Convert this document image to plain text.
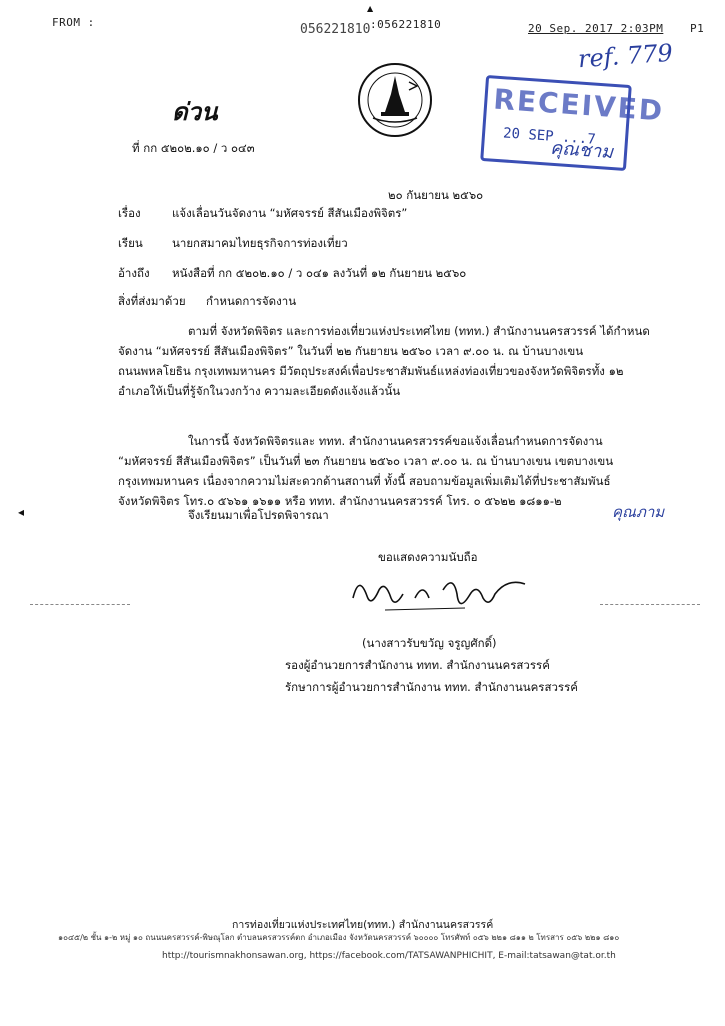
FROM :	056221810 :056221810	20 Sep. 2017 2:03PM P1
▲
ref. 779
RECEIVED
20 SEP ...7
คุณชาม
ด่วน
ที่ กก ๕๒๐๒.๑๐ / ว ๐๔๓
๒๐ กันยายน ๒๕๖๐
เรื่อง	แจ้งเลื่อนวันจัดงาน “มหัศจรรย์ สีสันเมืองพิจิตร”
เรียน	นายกสมาคมไทยธุรกิจการท่องเที่ยว
อ้างถึง หนังสือที่ กก ๕๒๐๒.๑๐ / ว ๐๔๑ ลงวันที่ ๑๒ กันยายน ๒๕๖๐
สิ่งที่ส่งมาด้วย กำหนดการจัดงาน
ตามที่ จังหวัดพิจิตร และการท่องเที่ยวแห่งประเทศไทย (ททท.) สำนักงานนครสวรรค์ ได้กำหนด
จัดงาน “มหัศจรรย์ สีสันเมืองพิจิตร” ในวันที่ ๒๒ กันยายน ๒๕๖๐ เวลา ๙.๐๐ น. ณ บ้านบางเขน
ถนนพหลโยธิน กรุงเทพมหานคร มีวัตถุประสงค์เพื่อประชาสัมพันธ์แหล่งท่องเที่ยวของจังหวัดพิจิตรทั้ง ๑๒
อำเภอให้เป็นที่รู้จักในวงกว้าง ความละเอียดดังแจ้งแล้วนั้น
ในการนี้ จังหวัดพิจิตรและ ททท. สำนักงานนครสวรรค์ขอแจ้งเลื่อนกำหนดการจัดงาน
“มหัศจรรย์ สีสันเมืองพิจิตร” เป็นวันที่ ๒๓ กันยายน ๒๕๖๐ เวลา ๙.๐๐ น. ณ บ้านบางเขน เขตบางเขน
กรุงเทพมหานคร เนื่องจากความไม่สะดวกด้านสถานที่ ทั้งนี้ สอบถามข้อมูลเพิ่มเติมได้ที่ประชาสัมพันธ์
จังหวัดพิจิตร โทร.๐ ๕๖๖๑ ๑๖๑๑ หรือ ททท. สำนักงานนครสวรรค์ โทร. ๐ ๕๖๒๒ ๑๘๑๑-๒
จึงเรียนมาเพื่อโปรดพิจารณา	คุณภาม
ขอแสดงความนับถือ
◂
(นางสาวรับขวัญ จรูญศักดิ์)
รองผู้อำนวยการสำนักงาน ททท. สำนักงานนครสวรรค์
รักษาการผู้อำนวยการสำนักงาน ททท. สำนักงานนครสวรรค์
การท่องเที่ยวแห่งประเทศไทย(ททท.) สำนักงานนครสวรรค์
๑๐๔๕/๒ ชั้น ๑-๒ หมู่ ๑๐ ถนนนครสวรรค์-พิษณุโลก ตำบลนครสวรรค์ตก อำเภอเมือง จังหวัดนครสวรรค์ ๖๐๐๐๐ โทรศัพท์ ๐๕๖ ๒๒๑ ๘๑๑ ๒ โทรสาร ๐๕๖ ๒๒๑ ๘๑๐
http://tourismnakhonsawan.org, https://facebook.com/TATSAWANPHICHIT, E-mail:tatsawan@tat.or.th
